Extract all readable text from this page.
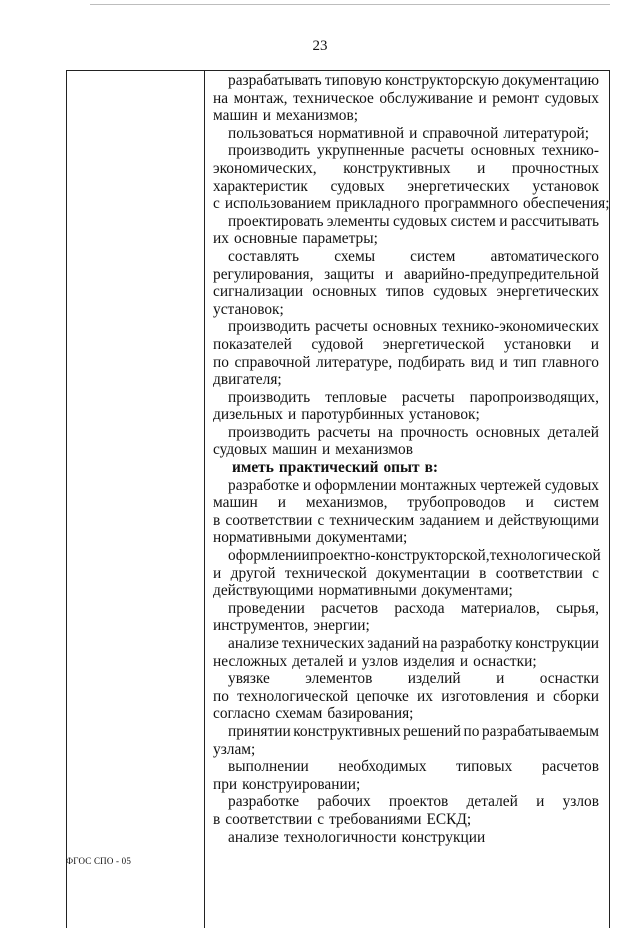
23
разрабатывать типовую конструкторскую документацию
на монтаж, техническое обслуживание и ремонт судовых
машин и механизмов;
пользоваться нормативной и справочной литературой;
производить укрупненные расчеты основных технико-
экономических, конструктивных и прочностных
характеристик судовых энергетических установок
с использованием прикладного программного обеспечения;
проектировать элементы судовых систем и рассчитывать
их основные параметры;
составлять схемы систем автоматического
регулирования, защиты и аварийно-предупредительной
сигнализации основных типов судовых энергетических
установок;
производить расчеты основных технико-экономических
показателей судовой энергетической установки и
по справочной литературе, подбирать вид и тип главного
двигателя;
производить тепловые расчеты паропроизводящих,
дизельных и паротурбинных установок;
производить расчеты на прочность основных деталей
судовых машин и механизмов
иметь практический опыт в:
разработке и оформлении монтажных чертежей судовых
машин и механизмов, трубопроводов и систем
в соответствии с техническим заданием и действующими
нормативными документами;
оформлении проектно-конструкторской, технологической
и другой технической документации в соответствии с
действующими нормативными документами;
проведении расчетов расхода материалов, сырья,
инструментов, энергии;
анализе технических заданий на разработку конструкции
несложных деталей и узлов изделия и оснастки;
увязке элементов изделий и оснастки
по технологической цепочке их изготовления и сборки
согласно схемам базирования;
принятии конструктивных решений по разрабатываемым
узлам;
выполнении необходимых типовых расчетов
при конструировании;
разработке рабочих проектов деталей и узлов
в соответствии с требованиями ЕСКД;
анализе технологичности конструкции
ФГОС СПО - 05
